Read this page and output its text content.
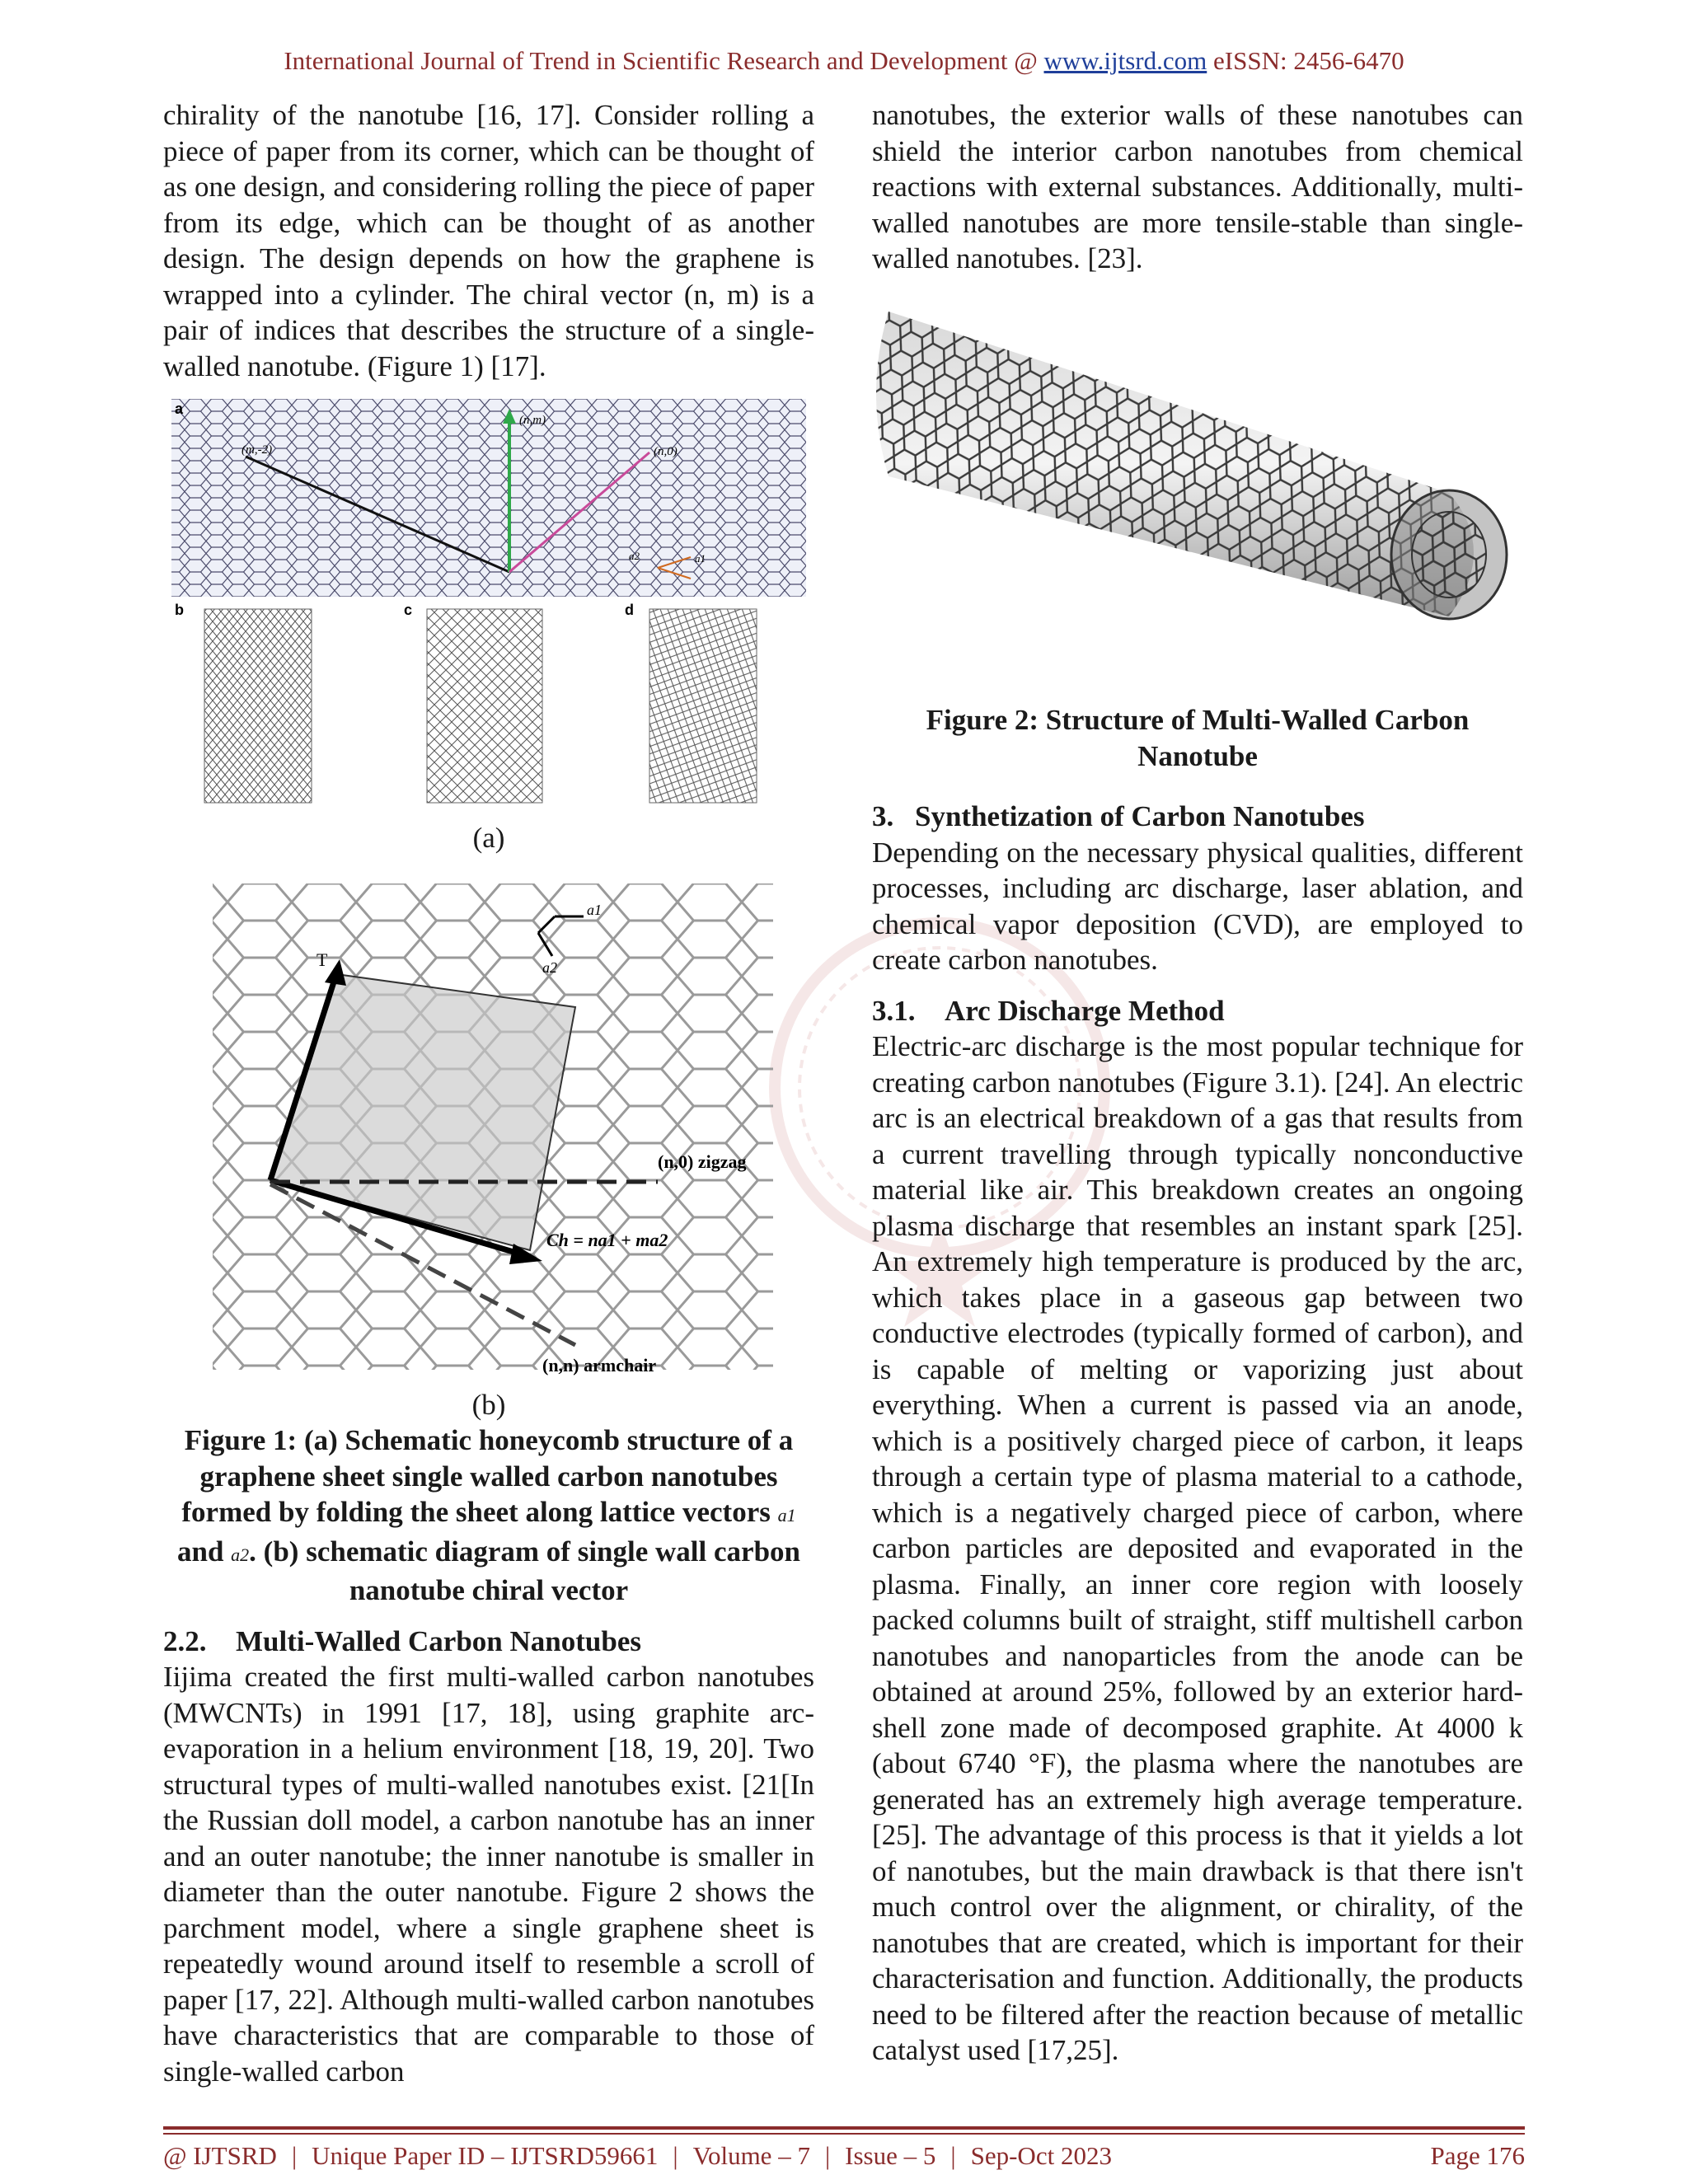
International Journal of Trend in Scientific Research and Development @ www.ijtsrd.com eISSN: 2456-6470

chirality of the nanotube [16, 17]. Consider rolling a piece of paper from its corner, which can be thought of as one design, and considering rolling the piece of paper from its edge, which can be thought of as another design. The design depends on how the graphene is wrapped into a cylinder. The chiral vector (n, m) is a pair of indices that describes the structure of a single-walled nanotube. (Figure 1) [17].

a
(m,-2)
(n,m)
(n,0)
a2	a1
b	c	d

(a)

T
a1
a2
(n,0) zigzag
Ch = na1 + ma2
(n,n) armchair

(b)

Figure 1: (a) Schematic honeycomb structure of a graphene sheet single walled carbon nanotubes formed by folding the sheet along lattice vectors a1 and a2. (b) schematic diagram of single wall carbon nanotube chiral vector

2.2. Multi-Walled Carbon Nanotubes

Iijima created the first multi-walled carbon nanotubes (MWCNTs) in 1991 [17, 18], using graphite arc-evaporation in a helium environment [18, 19, 20]. Two structural types of multi-walled nanotubes exist. [21[In the Russian doll model, a carbon nanotube has an inner and an outer nanotube; the inner nanotube is smaller in diameter than the outer nanotube. Figure 2 shows the parchment model, where a single graphene sheet is repeatedly wound around itself to resemble a scroll of paper [17, 22]. Although multi-walled carbon nanotubes have characteristics that are comparable to those of single-walled carbon

nanotubes, the exterior walls of these nanotubes can shield the interior carbon nanotubes from chemical reactions with external substances. Additionally, multi-walled nanotubes are more tensile-stable than single-walled nanotubes. [23].

Figure 2: Structure of Multi-Walled Carbon Nanotube

3. Synthetization of Carbon Nanotubes

Depending on the necessary physical qualities, different processes, including arc discharge, laser ablation, and chemical vapor deposition (CVD), are employed to create carbon nanotubes.

3.1. Arc Discharge Method

Electric-arc discharge is the most popular technique for creating carbon nanotubes (Figure 3.1). [24]. An electric arc is an electrical breakdown of a gas that results from a current travelling through typically nonconductive material like air. This breakdown creates an ongoing plasma discharge that resembles an instant spark [25]. An extremely high temperature is produced by the arc, which takes place in a gaseous gap between two conductive electrodes (typically formed of carbon), and is capable of melting or vaporizing just about everything. When a current is passed via an anode, which is a positively charged piece of carbon, it leaps through a certain type of plasma material to a cathode, which is a negatively charged piece of carbon, where carbon particles are deposited and evaporated in the plasma. Finally, an inner core region with loosely packed columns built of straight, stiff multishell carbon nanotubes and nanoparticles from the anode can be obtained at around 25%, followed by an exterior hard-shell zone made of decomposed graphite. At 4000 k (about 6740 °F), the plasma where the nanotubes are generated has an extremely high average temperature. [25]. The advantage of this process is that it yields a lot of nanotubes, but the main drawback is that there isn't much control over the alignment, or chirality, of the nanotubes that are created, which is important for their characterisation and function. Additionally, the products need to be filtered after the reaction because of metallic catalyst used [17,25].

@ IJTSRD | Unique Paper ID – IJTSRD59661 | Volume – 7 | Issue – 5 | Sep-Oct 2023	Page 176
